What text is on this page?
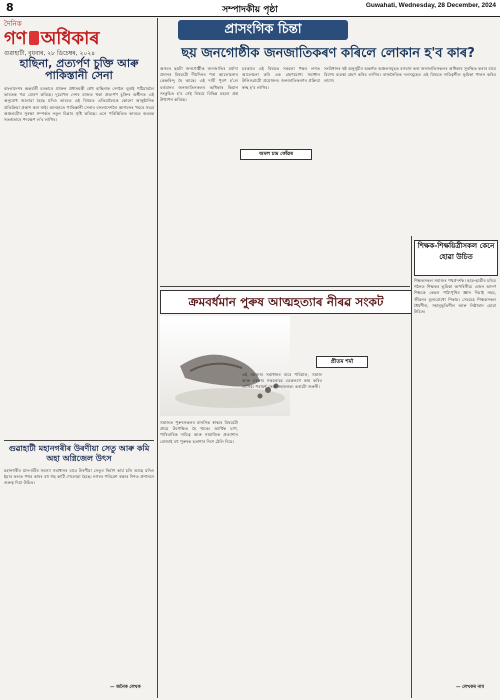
8	সম্পাদকীয় পৃষ্ঠা	Guwahati, Wednesday, 28 December, 2024
দৈনিক
গণ অধিকাৰ
গুৱাহাটী, বুধবাৰ, ২৮ ডিচেম্বৰ, ২০২৪
প্ৰাসংগিক চিন্তা
ছয় জনগোষ্ঠীক জনজাতিকৰণ কৰিলে লোকান হ'ব কাৰ?
হাছিনা, প্ৰত্যৰ্পণ চুক্তি আৰু পাকিস্তানী সেনা

বাংলাদেশৰ অন্তৰ্বৰ্তী চৰকাৰে প্ৰাক্তন প্ৰধানমন্ত্ৰী শ্বেখ হাছিনাক দেশলৈ ঘূৰাই পঠিয়াবলৈ ভাৰতক পত্ৰ প্ৰেৰণ কৰিছে। দুয়োখন দেশৰ মাজত থকা প্ৰত্যৰ্পণ চুক্তিৰ অধীনত এই অনুৰোধ জনোৱা হৈছে যদিও ভাৰতে এই বিষয়ত এতিয়ালৈকে কোনো আনুষ্ঠানিক প্ৰতিক্ৰিয়া প্ৰকাশ কৰা নাই। আনহাতে পাকিস্তানী সেনাৰ বাংলাদেশলৈ আগমনৰ খবৰে সমগ্ৰ অঞ্চলটোৰ সুৰক্ষা সম্পৰ্কত নতুন চিন্তাৰ সৃষ্টি কৰিছে। এনে পৰিস্থিতিত ভাৰতে অত্যন্ত সতৰ্কতাৰে পদক্ষেপ ল'ব লাগিব।

গুৱাহাটী মহানগৰীৰ উৰণীয়া সেতু আৰু কমি অহা অগ্নিজেল উৎস

মহানগৰীৰ যান-জঁটৰ সমস্যা সমাধানৰ বাবে উৰণীয়া সেতুৰ নিৰ্মাণ কাৰ্য চলি আছে যদিও ইয়াৰ ফলত পথৰ কাষৰ বহু গছ কাটি পেলোৱা হৈছে। নগৰৰ পৰিৱেশ ৰক্ষাৰ দিশত প্ৰশাসনে গুৰুত্ব দিয়া উচিত।

— জনৈক লেখক

অসমৰ ছয়টা জনগোষ্ঠীক জনজাতিৰ মৰ্যাদা প্ৰদানৰ বিষয়টো দীৰ্ঘদিনৰ পৰা আলোচনাৰ কেন্দ্ৰবিন্দু হৈ আছে। এই দাবী পূৰণ হ'লে বৰ্তমানৰ জনজাতিসকলৰ অধিকাৰ কিমান সংকুচিত হ'ব সেই বিষয়ে বিভিন্ন মহলে প্ৰশ্ন উত্থাপন কৰিছে।

অমল চন্দ্ৰ কোঁৱৰ

চৰকাৰে এই বিষয়ত সকলো পক্ষৰ লগত আলোচনা কৰি এক গ্ৰহণযোগ্য সমাধান উলিওৱাটো প্ৰয়োজন। জনজাতিকৰণৰ প্ৰক্ৰিয়া স্বচ্ছ হ'ব লাগিব।

সংবিধানৰ ষষ্ঠ অনুসূচীৰ অন্তৰ্গত অঞ্চলসমূহত বসবাস কৰা জনজাতিসকলৰ অধিকাৰ সুৰক্ষিত কৰাৰ বাবে বিশেষ ব্যৱস্থা গ্ৰহণ কৰিব লাগিব। ৰাজনৈতিক দলসমূহেও এই বিষয়ত দায়িত্বশীল ভূমিকা পালন কৰিব লাগে।

ক্ৰমবৰ্ধমান পুৰুষ আত্মহত্যাৰ নীৰৱ সংকট

সমাজত পুৰুষসকলৰ মানসিক স্বাস্থ্যৰ বিষয়টো প্ৰায়ে উপেক্ষিত হৈ থাকে। আৰ্থিক চাপ, পাৰিবাৰিক দায়িত্ব আৰু সামাজিক প্ৰত্যাশাৰ বোজাই বহু পুৰুষক হতাশাৰ দিশে ঠেলি দিয়ে।

প্ৰীতম শৰ্মা

এই সমস্যাৰ সমাধানৰ বাবে পৰিয়াল, সমাজ আৰু চৰকাৰ সকলোৱে একেলগে কাম কৰিব লাগিব। পৰামৰ্শ সেৱা সহজলভ্য কৰাটো জৰুৰী।

শিক্ষক-শিক্ষয়িত্ৰীসকল কেনে হোৱা উচিত

শিক্ষকসকল সমাজৰ পথপ্ৰদৰ্শক। ছাত্ৰ-ছাত্ৰীৰ চৰিত্ৰ গঠনত শিক্ষকৰ ভূমিকা অপৰিসীম। এজন আদৰ্শ শিক্ষকে কেৱল পাঠ্যপুথিৰ জ্ঞান দিয়াই নহয়, জীৱনৰ মূল্যবোধো শিকায়। সেয়েহে শিক্ষকসকল ধৈৰ্যশীল, সহানুভূতিশীল আৰু নিষ্ঠাবান হোৱা উচিত।

— লেখকৰ নাম
